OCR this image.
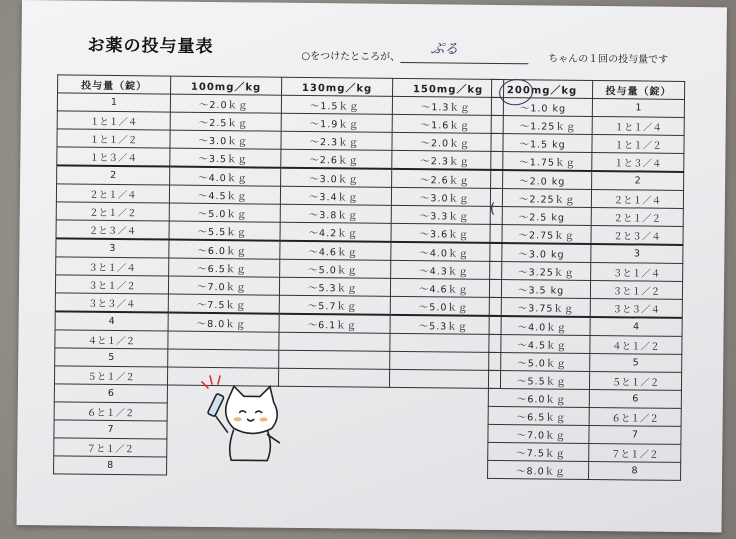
お薬の投与量表	○をつけたところが、 ぷる
ちゃんの１回の投与量です
投与量（錠）	100mg／kg	130mg／kg	150mg／kg
1	～2.0ｋｇ	～1.5ｋｇ	～1.3ｋｇ
１と１／４	～2.5ｋｇ	～1.9ｋｇ	～1.6ｋｇ
１と１／２	～3.0ｋｇ	～2.3ｋｇ	～2.0ｋｇ
１と３／４	～3.5ｋｇ	～2.6ｋｇ	～2.3ｋｇ
2	～4.0ｋｇ	～3.0ｋｇ	～2.6ｋｇ
２と１／４	～4.5ｋｇ	～3.4ｋｇ	～3.0ｋｇ
２と１／２	～5.0ｋｇ	～3.8ｋｇ	～3.3ｋｇ
２と３／４	～5.5ｋｇ	～4.2ｋｇ	～3.6ｋｇ
3	～6.0ｋｇ	～4.6ｋｇ	～4.0ｋｇ
３と１／４	～6.5ｋｇ	～5.0ｋｇ	～4.3ｋｇ
３と１／２	～7.0ｋｇ	～5.3ｋｇ	～4.6ｋｇ
３と３／４	～7.5ｋｇ	～5.7ｋｇ	～5.0ｋｇ
4	～8.0ｋｇ	～6.1ｋｇ	～5.3ｋｇ
４と１／２			
5			
５と１／２			
6			
６と１／２			
7			
７と１／２			
8			
200mg／kg	投与量（錠）
～1.0 kg	1
～1.25ｋｇ	１と１／４
～1.5 kg	１と１／２
～1.75ｋｇ	１と３／４
～2.0 kg	2
～2.25ｋｇ	２と１／４
～2.5 kg	２と１／２
～2.75ｋｇ	２と３／４
～3.0 kg	3
～3.25ｋｇ	３と１／４
～3.5 kg	３と１／２
～3.75ｋｇ	３と３／４
～4.0ｋｇ	4
～4.5ｋｇ	４と１／２
～5.0ｋｇ	5
～5.5ｋｇ	５と１／２
～6.0ｋｇ	6
～6.5ｋｇ	６と１／２
～7.0ｋｇ	7
～7.5ｋｇ	７と１／２
～8.0ｋｇ	8
(
